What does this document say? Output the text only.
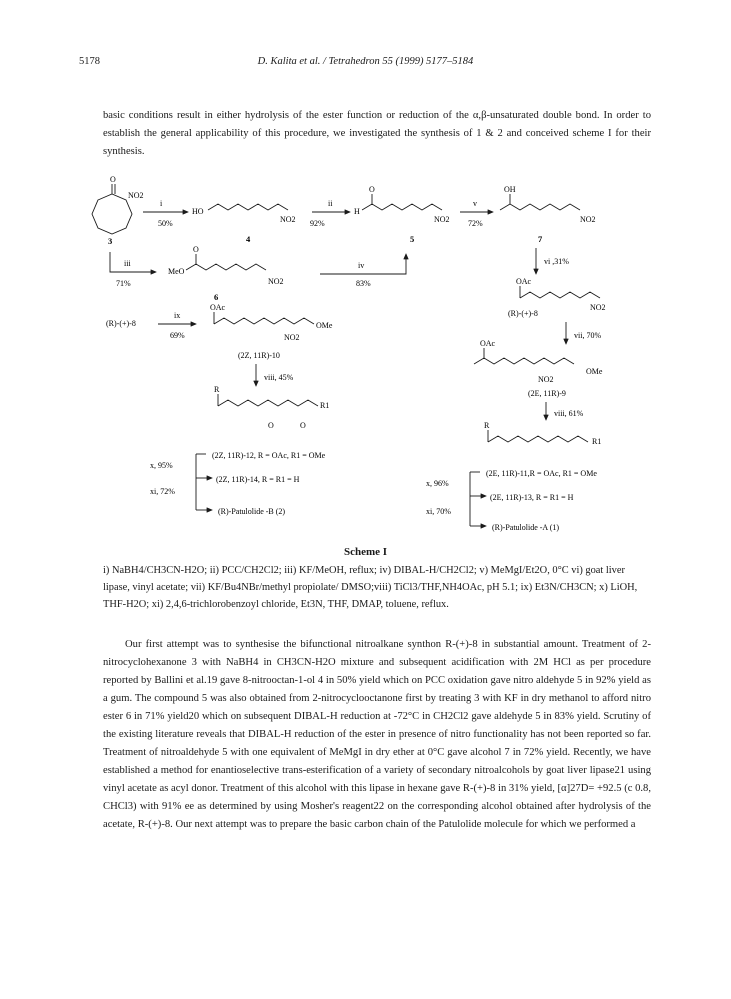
5178	D. Kalita et al. / Tetrahedron 55 (1999) 5177–5184
basic conditions result in either hydrolysis of the ester function or reduction of the α,β-unsaturated double bond. In order to establish the general applicability of this procedure, we investigated the synthesis of 1 & 2 and conceived scheme I for their synthesis.
O
NO2
3
i
50%
HO
NO2
4
ii
92%
H
O
NO2
5
v
72%
OH
NO2
7
iii
71%
MeO
O
NO2
6
iv
83%
vi ,31%
OAc
NO2
(R)-(+)-8
(R)-(+)-8
ix
69%
OAc
OMe
NO2
(2Z, 11R)-10
vii, 70%
OAc
OMe
NO2
(2E, 11R)-9
viii, 45%
R
R1
O	O
viii, 61%
R
R1
x, 95%
xi, 72%
(2Z, 11R)-12, R = OAc, R1 = OMe
(2Z, 11R)-14, R = R1 = H
(R)-Patulolide -B (2)
x, 96%
xi, 70%
(2E, 11R)-11,R = OAc, R1 = OMe
(2E, 11R)-13, R = R1 = H
(R)-Patulolide -A (1)
Scheme I
i) NaBH4/CH3CN-H2O; ii) PCC/CH2Cl2; iii) KF/MeOH, reflux; iv) DIBAL-H/CH2Cl2; v) MeMgI/Et2O, 0°C vi) goat liver lipase, vinyl acetate; vii) KF/Bu4NBr/methyl propiolate/ DMSO;viii) TiCl3/THF,NH4OAc, pH 5.1; ix) Et3N/CH3CN; x) LiOH, THF-H2O; xi) 2,4,6-trichlorobenzoyl chloride, Et3N, THF, DMAP, toluene, reflux.
Our first attempt was to synthesise the bifunctional nitroalkane synthon R-(+)-8 in substantial amount. Treatment of 2-nitrocyclohexanone 3 with NaBH4 in CH3CN-H2O mixture and subsequent acidification with 2M HCl as per procedure reported by Ballini et al.19 gave 8-nitrooctan-1-ol 4 in 50% yield which on PCC oxidation gave nitro aldehyde 5 in 92% yield as a gum. The compound 5 was also obtained from 2-nitrocyclooctanone first by treating 3 with KF in dry methanol to afford nitro ester 6 in 71% yield20 which on subsequent DIBAL-H reduction at -72°C in CH2Cl2 gave aldehyde 5 in 83% yield. Scrutiny of the existing literature reveals that DIBAL-H reduction of the ester in presence of nitro functionality has not been reported so far. Treatment of nitroaldehyde 5 with one equivalent of MeMgI in dry ether at 0°C gave alcohol 7 in 72% yield. Recently, we have established a method for enantioselective trans-esterification of a variety of secondary nitroalcohols by goat liver lipase21 using vinyl acetate as acyl donor. Treatment of this alcohol with this lipase in hexane gave R-(+)-8 in 31% yield, [α]27D= +92.5 (c 0.8, CHCl3) with 91% ee as determined by using Mosher's reagent22 on the corresponding alcohol obtained after hydrolysis of the acetate, R-(+)-8. Our next attempt was to prepare the basic carbon chain of the Patulolide molecule for which we performed a
